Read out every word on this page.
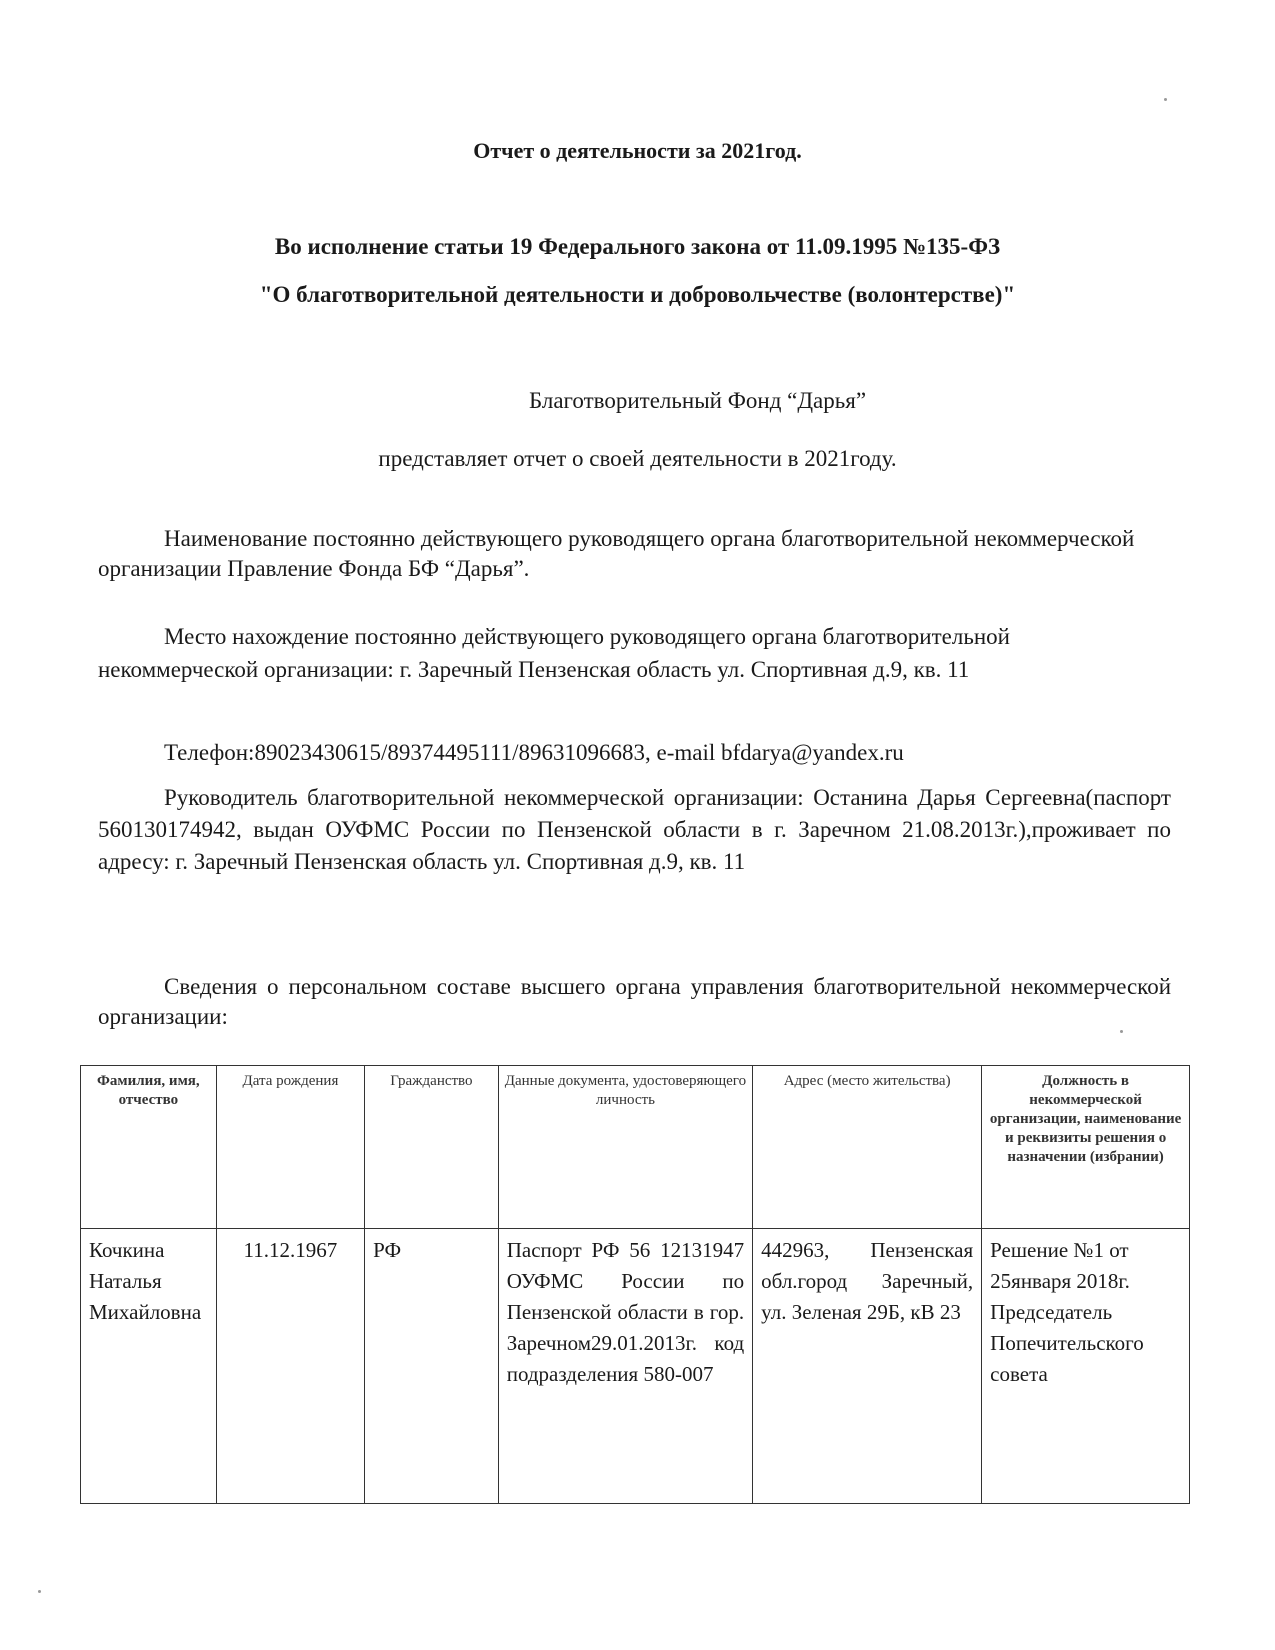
Отчет о деятельности за 2021год.

Во исполнение статьи 19 Федерального закона от 11.09.1995 №135-ФЗ

"О благотворительной деятельности и добровольчестве (волонтерстве)"

Благотворительный Фонд “Дарья”

представляет отчет о своей деятельности в 2021году.

Наименование постоянно действующего руководящего органа благотворительной некоммерческой организации Правление Фонда БФ “Дарья”.

Место нахождение постоянно действующего руководящего органа благотворительной некоммерческой организации: г. Заречный Пензенская область ул. Спортивная д.9, кв. 11

Телефон:89023430615/89374495111/89631096683, e-mail bfdarya@yandex.ru

Руководитель благотворительной некоммерческой организации: Останина Дарья Сергеевна(паспорт 560130174942, выдан ОУФМС России по Пензенской области в г. Заречном 21.08.2013г.),проживает по адресу: г. Заречный Пензенская область ул. Спортивная д.9, кв. 11

Сведения о персональном составе высшего органа управления благотворительной некоммерческой организации:

Фамилия, имя, отчество	Дата рождения	Гражданство	Данные документа, удостоверяющего личность	Адрес (место жительства)	Должность в некоммерческой организации, наименование и реквизиты решения о назначении (избрании)
Кочкина Наталья Михайловна	11.12.1967	РФ	Паспорт РФ 56 12131947 ОУФМС России по Пензенской области в гор. Заречном29.01.2013г. код подразделения 580-007	442963, Пензенская обл.город Заречный, ул. Зеленая 29Б, кВ 23	Решение №1 от 25января 2018г. Председатель Попечительского совета
